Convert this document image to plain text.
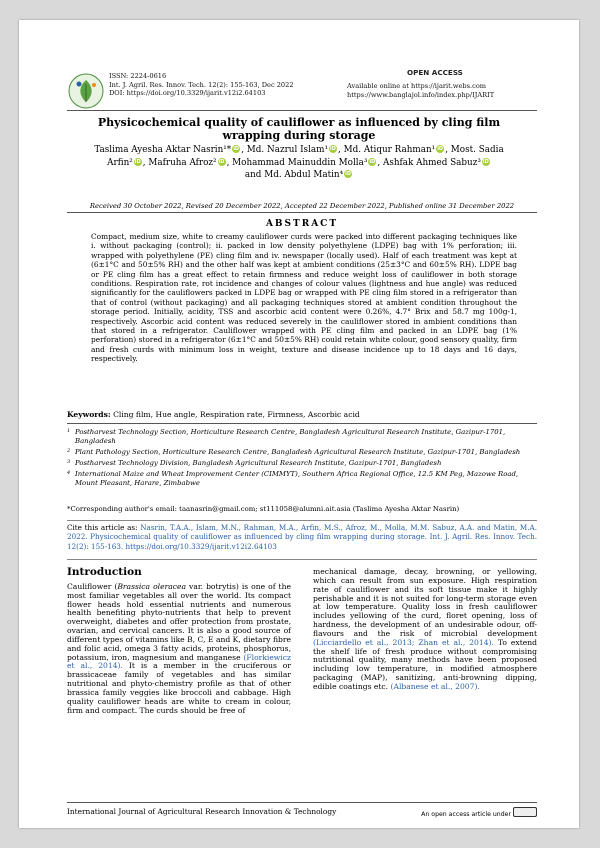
ISSN: 2224-0616
Int. J. Agril. Res. Innov. Tech. 12(2): 155-163, Dec 2022
DOI: https://doi.org/10.3329/ijarit.v12i2.64103
OPEN ACCESS
Available online at https://ijarit.webs.com
https://www.banglajol.info/index.php/IJARIT
Physicochemical quality of cauliflower as influenced by cling film wrapping during storage
Taslima Ayesha Aktar Nasrin¹* iD , Md. Nazrul Islam¹ iD , Md. Atiqur Rahman¹ iD , Most. Sadia
Arfin² iD , Mafruha Afroz² iD , Mohammad Mainuddin Molla³ iD , Ashfak Ahmed Sabuz³iD
and Md. Abdul Matin⁴iD
Received 30 October 2022, Revised 20 December 2022, Accepted 22 December 2022, Published online 31 December 2022
ABSTRACT
Compact, medium size, white to creamy cauliflower curds were packed into different packaging techniques like i. without packaging (control); ii. packed in low density polyethylene (LDPE) bag with 1% perforation; iii. wrapped with polyethylene (PE) cling film and iv. newspaper (locally used). Half of each treatment was kept at (6±1°C and 50±5% RH) and the other half was kept at ambient conditions (25±3°C and 60±5% RH). LDPE bag or PE cling film has a great effect to retain firmness and reduce weight loss of cauliflower in both storage conditions. Respiration rate, rot incidence and changes of colour values (lightness and hue angle) was reduced significantly for the cauliflowers packed in LDPE bag or wrapped with PE cling film stored in a refrigerator than that of control (without packaging) and all packaging techniques stored at ambient condition throughout the storage period. Initially, acidity, TSS and ascorbic acid content were 0.26%, 4.7° Brix and 58.7 mg 100g-1, respectively. Ascorbic acid content was reduced severely in the cauliflower stored in ambient conditions than that stored in a refrigerator. Cauliflower wrapped with PE cling film and packed in an LDPE bag (1% perforation) stored in a refrigerator (6±1°C and 50±5% RH) could retain white colour, good sensory quality, firm and fresh curds with minimum loss in weight, texture and disease incidence up to 18 days and 16 days, respectively.
Keywords: Cling film, Hue angle, Respiration rate, Firmness, Ascorbic acid
1 Postharvest Technology Section, Horticulture Research Centre, Bangladesh Agricultural Research Institute, Gazipur-1701, Bangladesh
2 Plant Pathology Section, Horticulture Research Centre, Bangladesh Agricultural Research Institute, Gazipur-1701, Bangladesh
3 Postharvest Technology Division, Bangladesh Agricultural Research Institute, Gazipur-1701, Bangladesh
4 International Maize and Wheat Improvement Center (CIMMYT), Southern Africa Regional Office, 12.5 KM Peg, Mazowe Road, Mount Pleasant, Harare, Zimbabwe
*Corresponding author's email: taanasrin@gmail.com; st111058@alumni.ait.asia (Taslima Ayesha Aktar Nasrin)
Cite this article as: Nasrin, T.A.A., Islam, M.N., Rahman, M.A., Arfin, M.S., Afroz, M., Molla, M.M. Sabuz, A.A. and Matin, M.A. 2022. Physicochemical quality of cauliflower as influenced by cling film wrapping during storage. Int. J. Agril. Res. Innov. Tech. 12(2): 155-163. https://doi.org/10.3329/ijarit.v12i2.64103
Introduction
Cauliflower (Brassica oleracea var. botrytis) is one of the most familiar vegetables all over the world. Its compact flower heads hold essential nutrients and numerous health benefiting phyto-nutrients that help to prevent overweight, diabetes and offer protection from prostate, ovarian, and cervical cancers. It is also a good source of different types of vitamins like B, C, E and K, dietary fibre and folic acid, omega 3 fatty acids, proteins, phosphorus, potassium, iron, magnesium and manganese (Florkiewicz et al., 2014). It is a member in the cruciferous or brassicaceae family of vegetables and has similar nutritional and phyto-chemistry profile as that of other brassica family veggies like broccoli and cabbage. High quality cauliflower heads are white to cream in colour, firm and compact. The curds should be free of
mechanical damage, decay, browning, or yellowing, which can result from sun exposure. High respiration rate of cauliflower and its soft tissue make it highly perishable and it is not suited for long-term storage even at low temperature. Quality loss in fresh cauliflower includes yellowing of the curd, floret opening, loss of hardness, the development of an undesirable odour, off-flavours and the risk of microbial development (Licciardello et al., 2013; Zhan et al., 2014). To extend the shelf life of fresh produce without compromising nutritional quality, many methods have been proposed including low temperature, in modified atmosphere packaging (MAP), sanitizing, anti-browning dipping, edible coatings etc. (Albanese et al., 2007).
International Journal of Agricultural Research Innovation & Technology	An open access article under
